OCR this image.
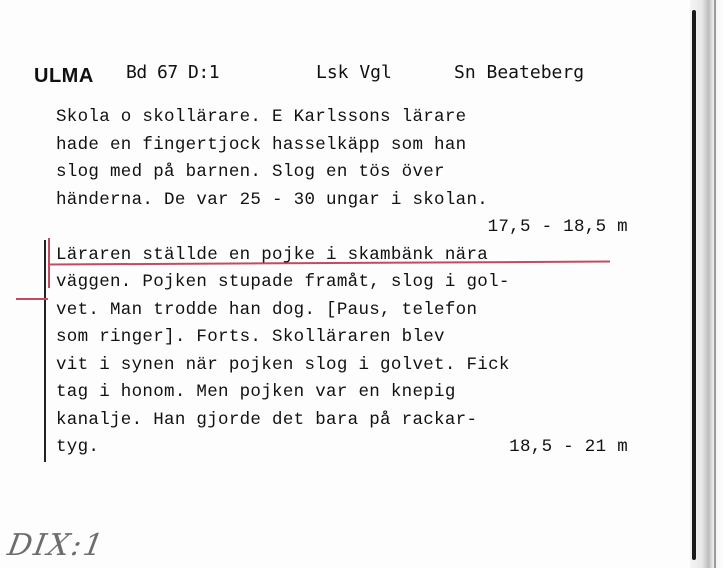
ULMA Bd 67 D:1	Lsk Vgl	Sn Beateberg
Skola o skollärare. E Karlssons lärare
hade en fingertjock hasselkäpp som han
slog med på barnen. Slog en tös över
händerna. De var 25 - 30 ungar i skolan.
17,5 - 18,5 m
Läraren ställde en pojke i skambänk nära
väggen. Pojken stupade framåt, slog i gol-
vet. Man trodde han dog. [Paus, telefon
som ringer]. Forts. Skolläraren blev
vit i synen när pojken slog i golvet. Fick
tag i honom. Men pojken var en knepig
kanalje. Han gjorde det bara på rackar-
tyg.	18,5 - 21 m
DIX:1
